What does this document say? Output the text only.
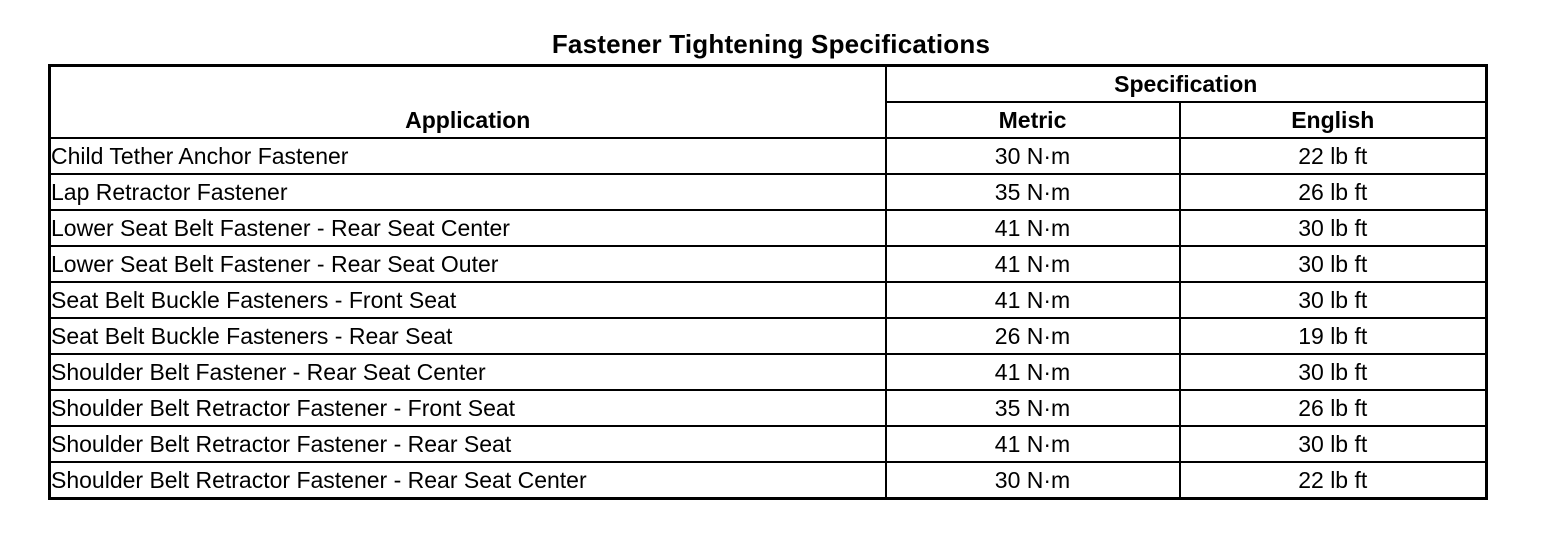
Fastener Tightening Specifications
Application	Specification	
	Metric	English
Child Tether Anchor Fastener	30 N·m	22 lb ft
Lap Retractor Fastener	35 N·m	26 lb ft
Lower Seat Belt Fastener - Rear Seat Center	41 N·m	30 lb ft
Lower Seat Belt Fastener - Rear Seat Outer	41 N·m	30 lb ft
Seat Belt Buckle Fasteners - Front Seat	41 N·m	30 lb ft
Seat Belt Buckle Fasteners - Rear Seat	26 N·m	19 lb ft
Shoulder Belt Fastener - Rear Seat Center	41 N·m	30 lb ft
Shoulder Belt Retractor Fastener - Front Seat	35 N·m	26 lb ft
Shoulder Belt Retractor Fastener - Rear Seat	41 N·m	30 lb ft
Shoulder Belt Retractor Fastener - Rear Seat Center	30 N·m	22 lb ft
